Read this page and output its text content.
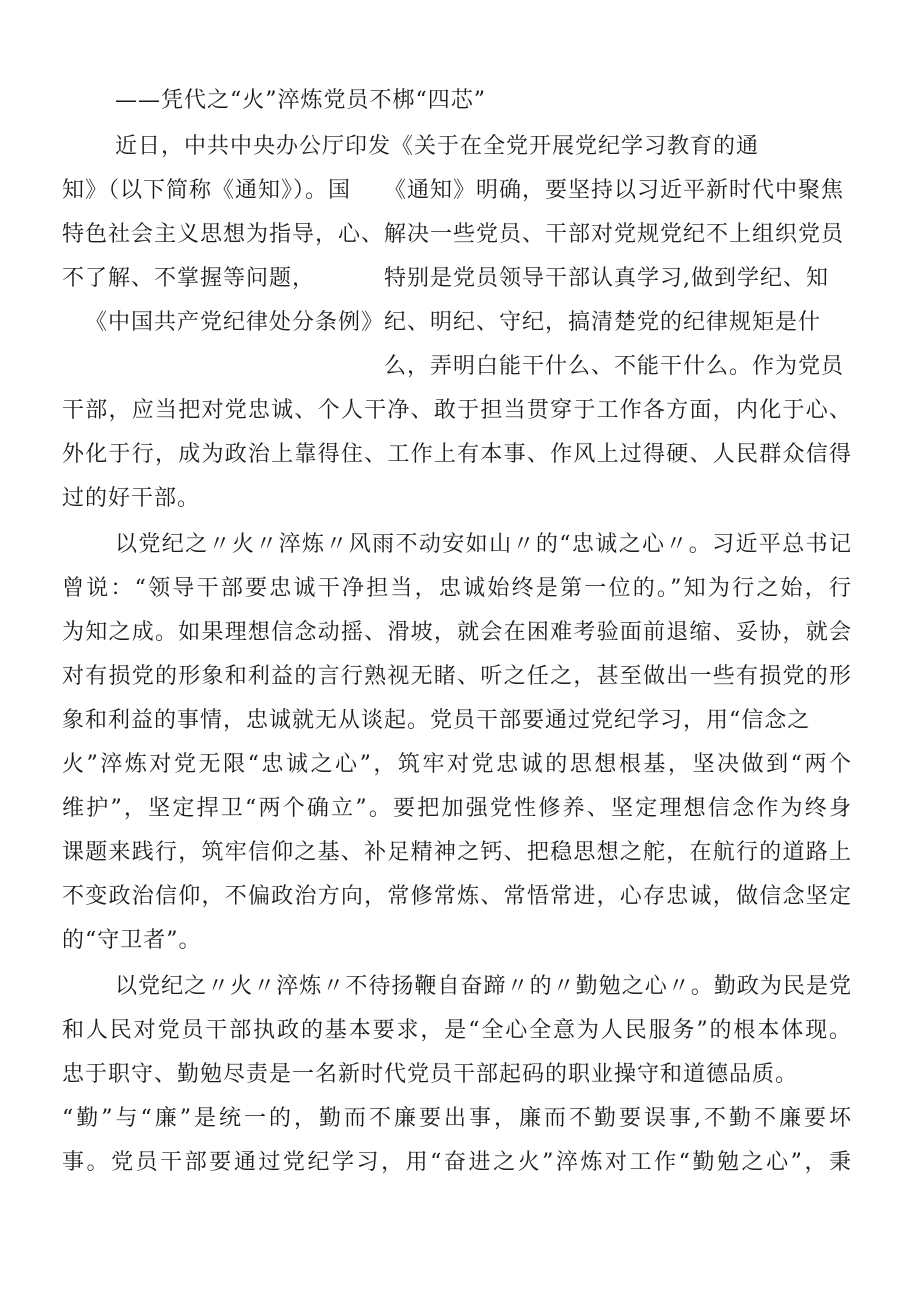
——凭代之“火”淬炼党员不梆“四芯”
近日，中共中央办公厅印发《关于在全党开展党纪学习教育的通
知》（以下简称《通知》）。国
特色社会主义思想为指导，心、
不了解、不掌握等问题，
《中国共产党纪律处分条例》
《通知》明确，要坚持以习近平新时代中聚焦
解决一些党员、干部对党规党纪不上组织党员
特别是党员领导干部认真学习,做到学纪、知
纪、明纪、守纪，搞清楚党的纪律规矩是什
么，弄明白能干什么、不能干什么。作为党员
干部，应当把对党忠诚、个人干净、敢于担当贯穿于工作各方面，内化于心、
外化于行，成为政治上靠得住、工作上有本事、作风上过得硬、人民群众信得
过的好干部。
以党纪之〃火〃淬炼〃风雨不动安如山〃的“忠诚之心〃。习近平总书记
曾说：“领导干部要忠诚干净担当，忠诚始终是第一位的。”知为行之始，行
为知之成。如果理想信念动摇、滑坡，就会在困难考验面前退缩、妥协，就会
对有损党的形象和利益的言行熟视无睹、听之任之，甚至做出一些有损党的形
象和利益的事情，忠诚就无从谈起。党员干部要通过党纪学习，用“信念之
火”淬炼对党无限“忠诚之心”，筑牢对党忠诚的思想根基，坚决做到“两个
维护”，坚定捍卫“两个确立”。要把加强党性修养、坚定理想信念作为终身
课题来践行，筑牢信仰之基、补足精神之钙、把稳思想之舵，在航行的道路上
不变政治信仰，不偏政治方向，常修常炼、常悟常进，心存忠诚，做信念坚定
的“守卫者”。
以党纪之〃火〃淬炼〃不待扬鞭自奋蹄〃的〃勤勉之心〃。勤政为民是党
和人民对党员干部执政的基本要求，是“全心全意为人民服务”的根本体现。
忠于职守、勤勉尽责是一名新时代党员干部起码的职业操守和道德品质。
“勤”与“廉”是统一的，勤而不廉要出事，廉而不勤要误事,不勤不廉要坏
事。党员干部要通过党纪学习，用“奋进之火”淬炼对工作“勤勉之心”，秉
